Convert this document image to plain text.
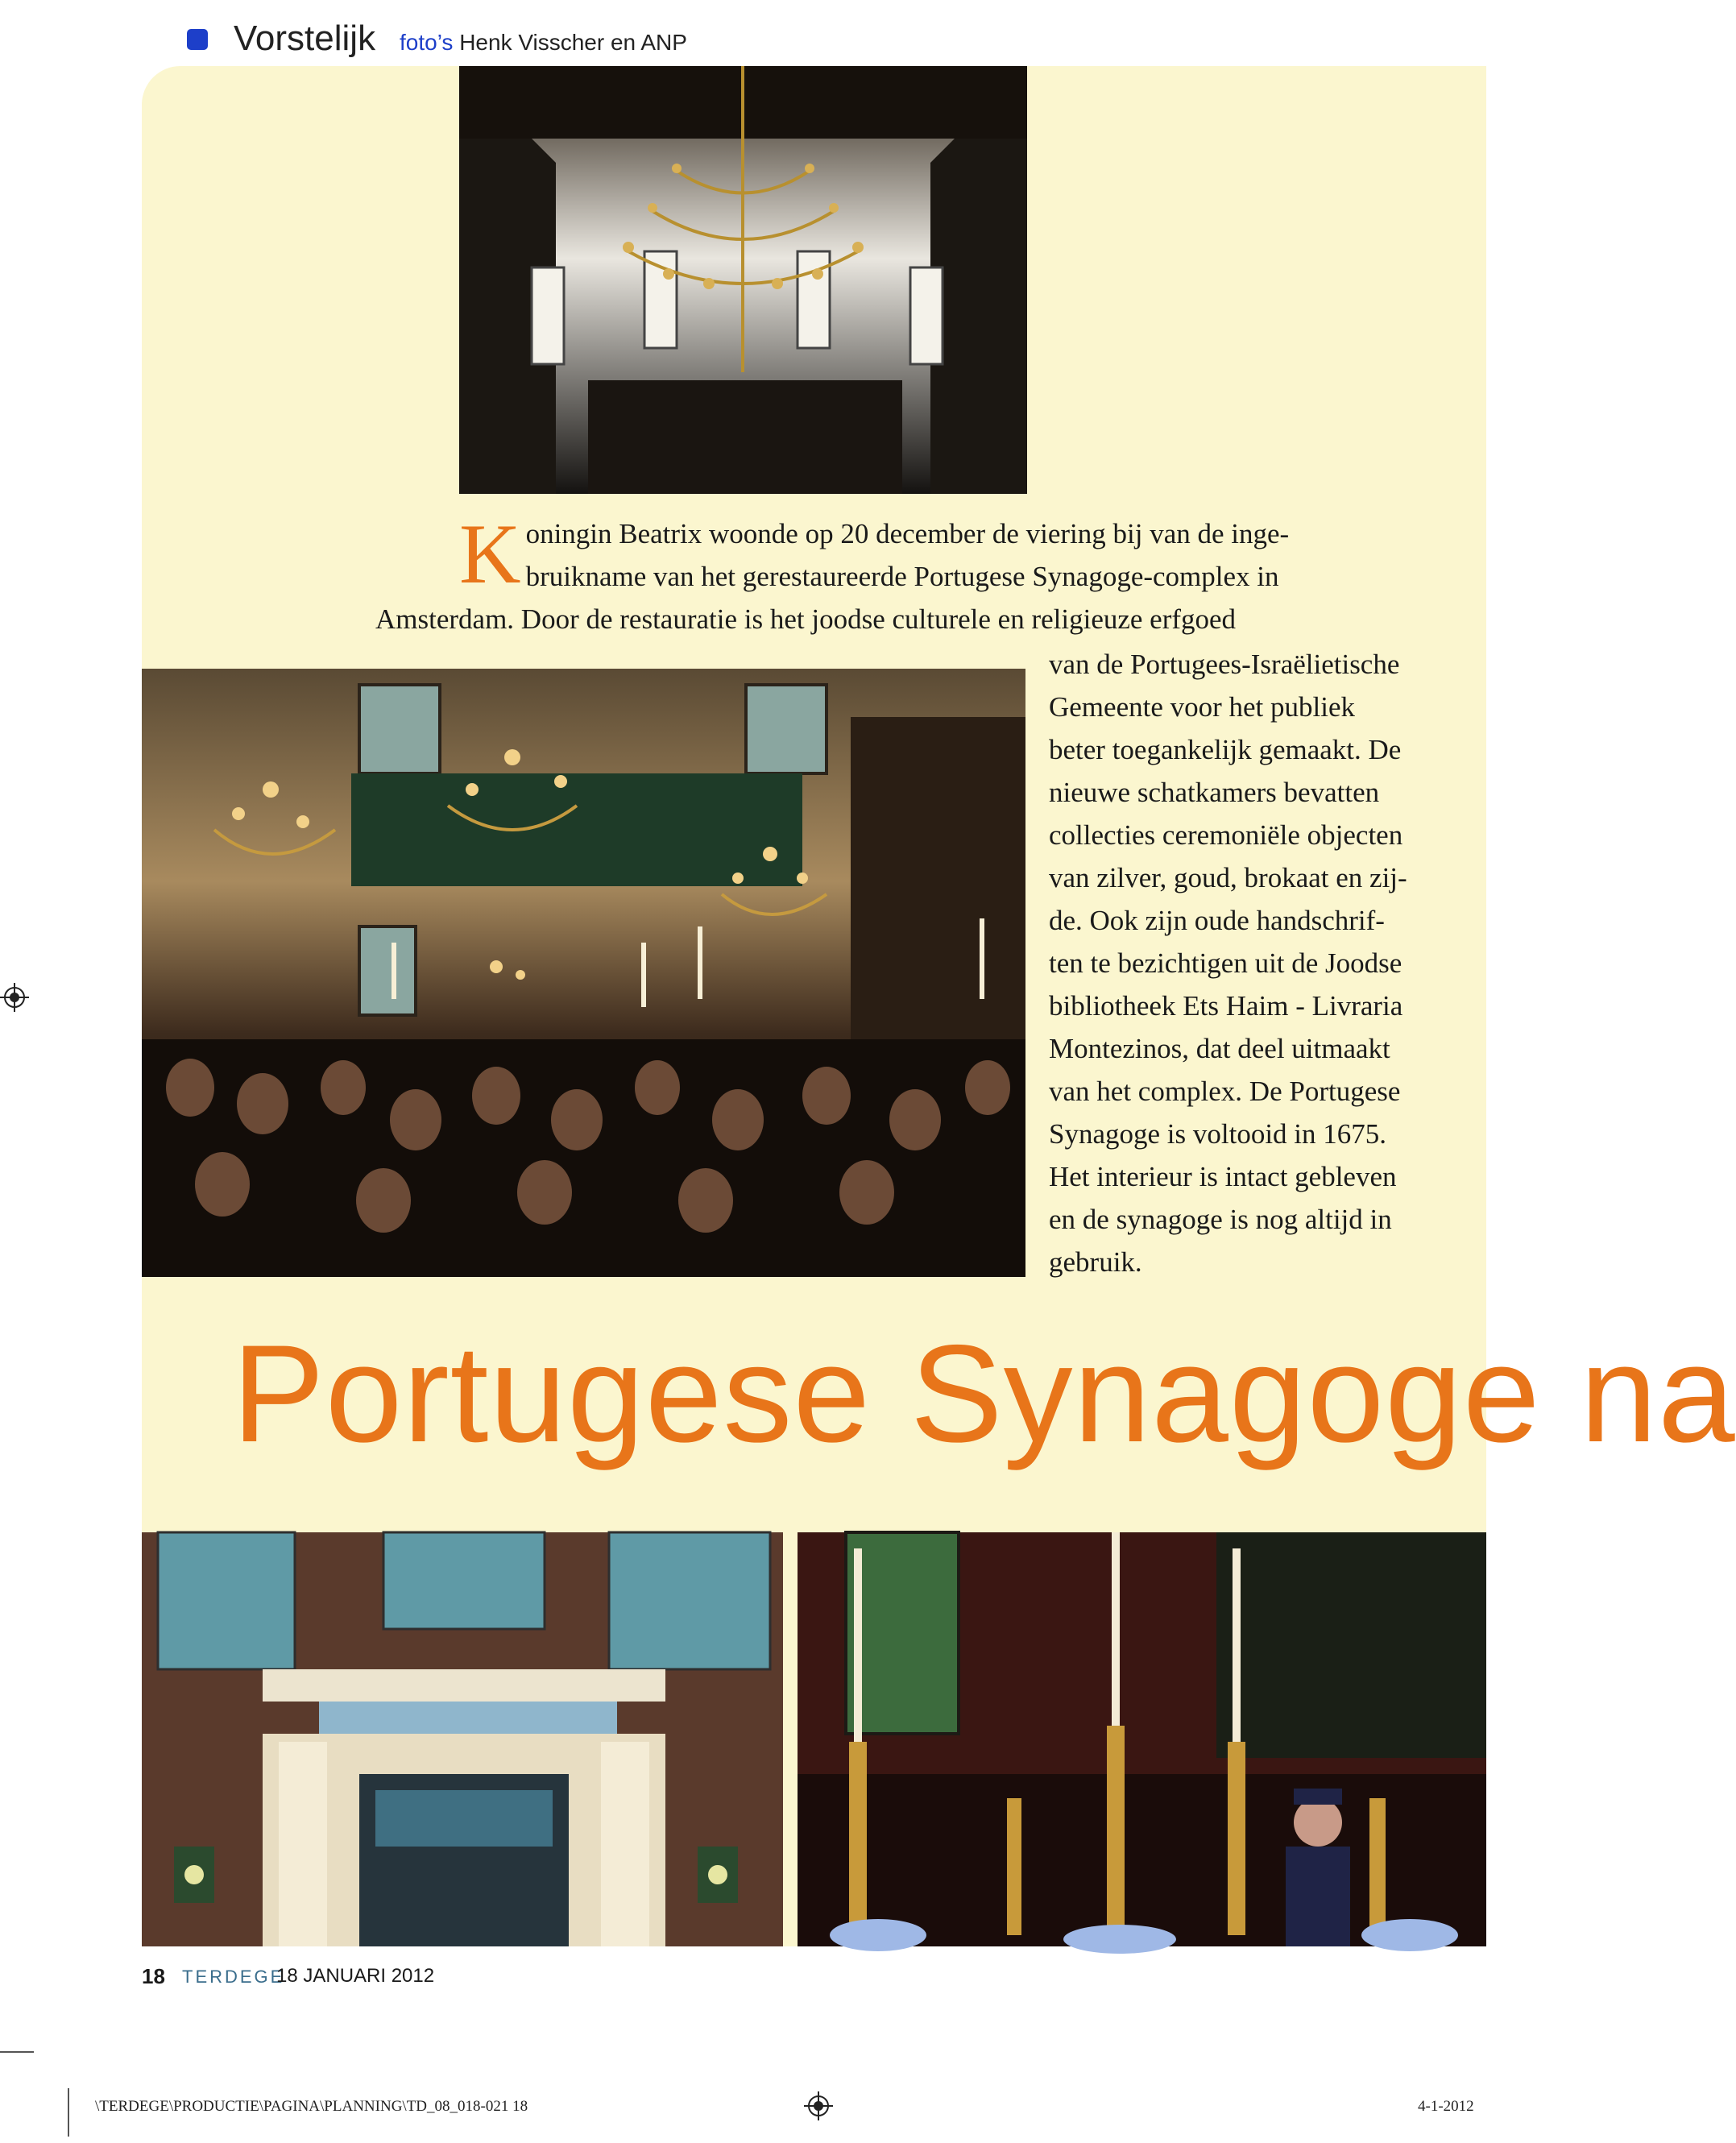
Vorstelijk foto’s Henk Visscher en ANP

K oningin Beatrix woonde op 20 december de viering bij van de inge-
bruikname van het gerestaureerde Portugese Synagoge-complex in
Amsterdam. Door de restauratie is het joodse culturele en religieuze erfgoed

van de Portugees-Israëlietische
Gemeente voor het publiek
beter toegankelijk gemaakt. De
nieuwe schatkamers bevatten
collecties ceremoniële objecten
van zilver, goud, brokaat en zij-
de. Ook zijn oude handschrif-
ten te bezichtigen uit de Joodse
bibliotheek Ets Haim - Livraria
Montezinos, dat deel uitmaakt
van het complex. De Portugese
Synagoge is voltooid in 1675.
Het interieur is intact gebleven
en de synagoge is nog altijd in
gebruik.

Portugese Synagoge na
18 TERDEGE
18 JANUARI 2012
\TERDEGE\PRODUCTIE\PAGINA\PLANNING\TD_08_018-021 18	4-1-2012
